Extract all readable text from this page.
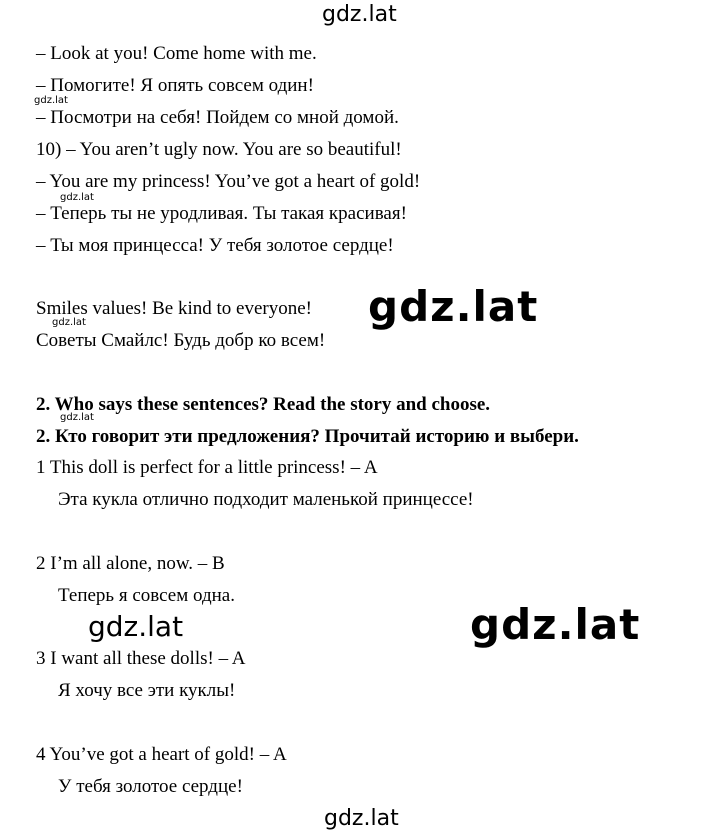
gdz.lat
gdz.lat
gdz.lat
gdz.lat
gdz.lat
gdz.lat
gdz.lat	gdz.lat
gdz.lat
– Look at you! Come home with me.
– Помогите! Я опять совсем один!
– Посмотри на себя! Пойдем со мной домой.
10) – You aren’t ugly now. You are so beautiful!
– You are my princess! You’ve got a heart of gold!
– Теперь ты не уродливая. Ты такая красивая!
– Ты моя принцесса! У тебя золотое сердце!
Smiles values! Be kind to everyone!
Советы Смайлс! Будь добр ко всем!
2. Who says these sentences? Read the story and choose.
2. Кто говорит эти предложения? Прочитай историю и выбери.
1 This doll is perfect for a little princess! – A
Эта кукла отлично подходит маленькой принцессе!
2 I’m all alone, now. – B
Теперь я совсем одна.
3 I want all these dolls! – A
Я хочу все эти куклы!
4 You’ve got a heart of gold! – A
У тебя золотое сердце!
